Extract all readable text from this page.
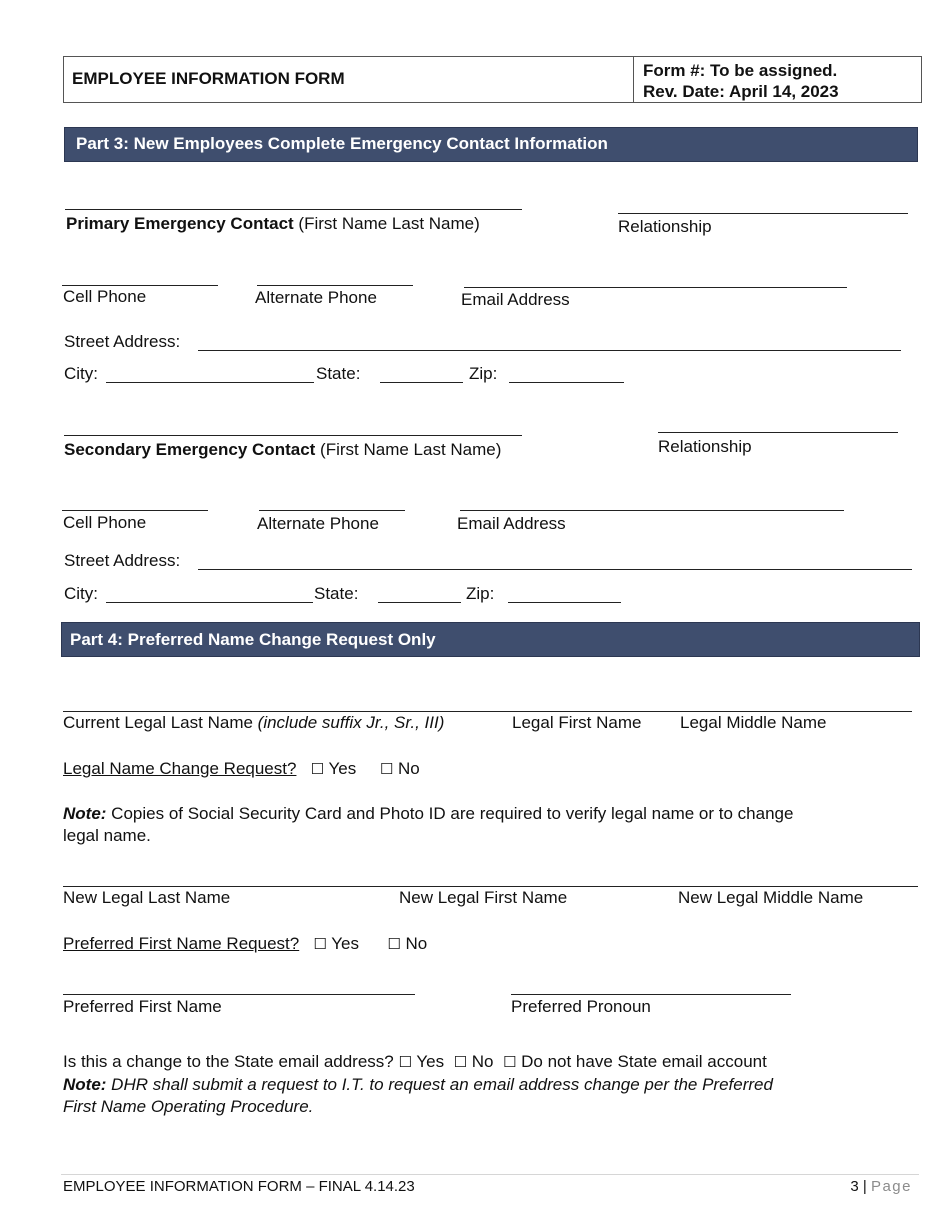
EMPLOYEE INFORMATION FORM	Form #: To be assigned.
Rev. Date: April 14, 2023
Part 3: New Employees Complete Emergency Contact Information
Primary Emergency Contact (First Name Last Name)	Relationship
Cell Phone	Alternate Phone	Email Address
Street Address:
City:	State:	Zip:
Secondary Emergency Contact (First Name Last Name)	Relationship
Cell Phone	Alternate Phone	Email Address
Street Address:
City:	State:	Zip:
Part 4: Preferred Name Change Request Only
Current Legal Last Name (include suffix Jr., Sr., III)	Legal First Name Legal Middle Name
Legal Name Change Request? ☐ Yes ☐ No
Note: Copies of Social Security Card and Photo ID are required to verify legal name or to change
legal name.
New Legal Last Name	New Legal First Name	New Legal Middle Name
Preferred First Name Request? ☐ Yes ☐ No
Preferred First Name	Preferred Pronoun
Is this a change to the State email address? ☐ Yes ☐ No ☐ Do not have State email account
Note: DHR shall submit a request to I.T. to request an email address change per the Preferred
First Name Operating Procedure.
EMPLOYEE INFORMATION FORM – FINAL 4.14.23	3 | Page
